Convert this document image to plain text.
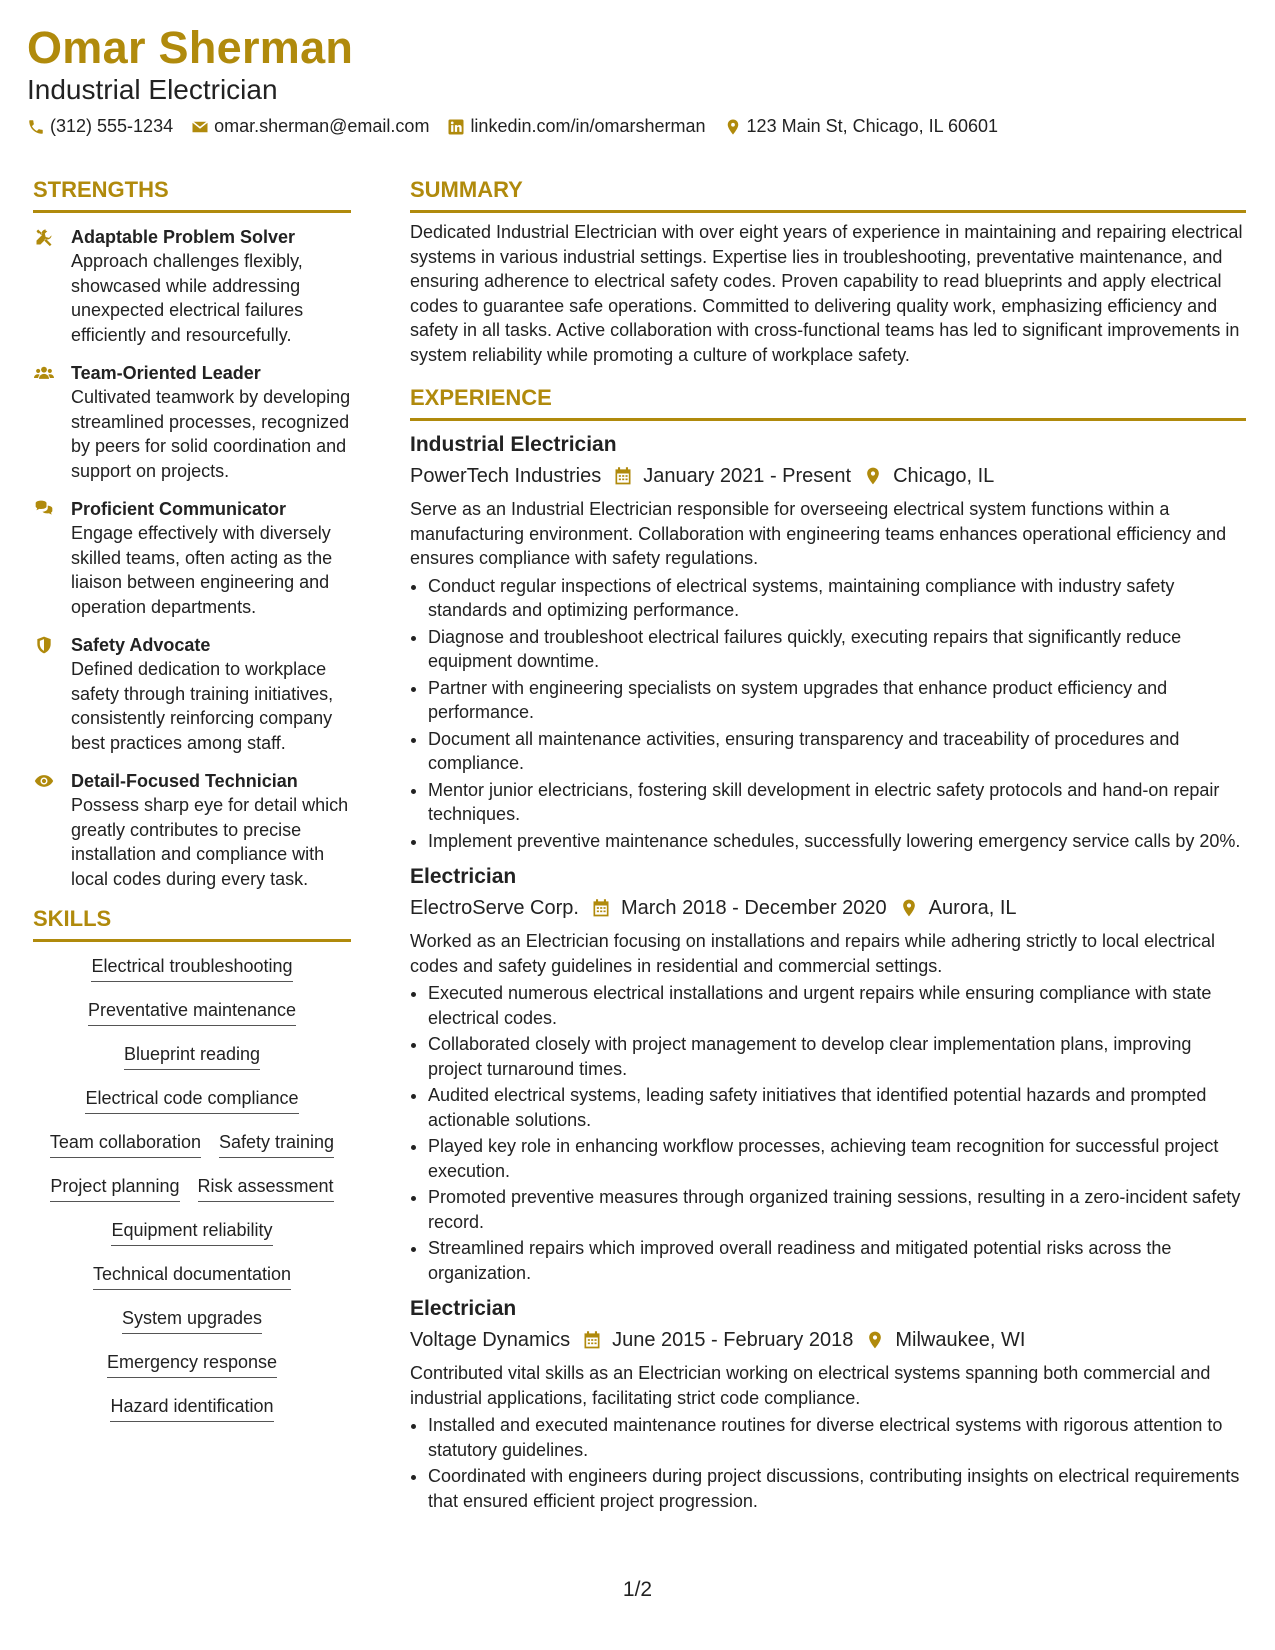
Omar Sherman
Industrial Electrician
(312) 555-1234 omar.sherman@email.com linkedin.com/in/omarsherman 123 Main St, Chicago, IL 60601
STRENGTHS
Adaptable Problem Solver
Approach challenges flexibly, showcased while addressing unexpected electrical failures efficiently and resourcefully.
Team-Oriented Leader
Cultivated teamwork by developing streamlined processes, recognized by peers for solid coordination and support on projects.
Proficient Communicator
Engage effectively with diversely skilled teams, often acting as the liaison between engineering and operation departments.
Safety Advocate
Defined dedication to workplace safety through training initiatives, consistently reinforcing company best practices among staff.
Detail-Focused Technician
Possess sharp eye for detail which greatly contributes to precise installation and compliance with local codes during every task.
SKILLS
Electrical troubleshooting
Preventative maintenance
Blueprint reading
Electrical code compliance
Team collaboration Safety training
Project planning Risk assessment
Equipment reliability
Technical documentation
System upgrades
Emergency response
Hazard identification
SUMMARY
Dedicated Industrial Electrician with over eight years of experience in maintaining and repairing electrical systems in various industrial settings. Expertise lies in troubleshooting, preventative maintenance, and ensuring adherence to electrical safety codes. Proven capability to read blueprints and apply electrical codes to guarantee safe operations. Committed to delivering quality work, emphasizing efficiency and safety in all tasks. Active collaboration with cross-functional teams has led to significant improvements in system reliability while promoting a culture of workplace safety.
EXPERIENCE
Industrial Electrician
PowerTech Industries January 2021 - Present Chicago, IL
Serve as an Industrial Electrician responsible for overseeing electrical system functions within a manufacturing environment. Collaboration with engineering teams enhances operational efficiency and ensures compliance with safety regulations.
• Conduct regular inspections of electrical systems, maintaining compliance with industry safety standards and optimizing performance.
• Diagnose and troubleshoot electrical failures quickly, executing repairs that significantly reduce equipment downtime.
• Partner with engineering specialists on system upgrades that enhance product efficiency and performance.
• Document all maintenance activities, ensuring transparency and traceability of procedures and compliance.
• Mentor junior electricians, fostering skill development in electric safety protocols and hand-on repair techniques.
• Implement preventive maintenance schedules, successfully lowering emergency service calls by 20%.
Electrician
ElectroServe Corp. March 2018 - December 2020 Aurora, IL
Worked as an Electrician focusing on installations and repairs while adhering strictly to local electrical codes and safety guidelines in residential and commercial settings.
• Executed numerous electrical installations and urgent repairs while ensuring compliance with state electrical codes.
• Collaborated closely with project management to develop clear implementation plans, improving project turnaround times.
• Audited electrical systems, leading safety initiatives that identified potential hazards and prompted actionable solutions.
• Played key role in enhancing workflow processes, achieving team recognition for successful project execution.
• Promoted preventive measures through organized training sessions, resulting in a zero-incident safety record.
• Streamlined repairs which improved overall readiness and mitigated potential risks across the organization.
Electrician
Voltage Dynamics June 2015 - February 2018 Milwaukee, WI
Contributed vital skills as an Electrician working on electrical systems spanning both commercial and industrial applications, facilitating strict code compliance.
• Installed and executed maintenance routines for diverse electrical systems with rigorous attention to statutory guidelines.
• Coordinated with engineers during project discussions, contributing insights on electrical requirements that ensured efficient project progression.
1/2
